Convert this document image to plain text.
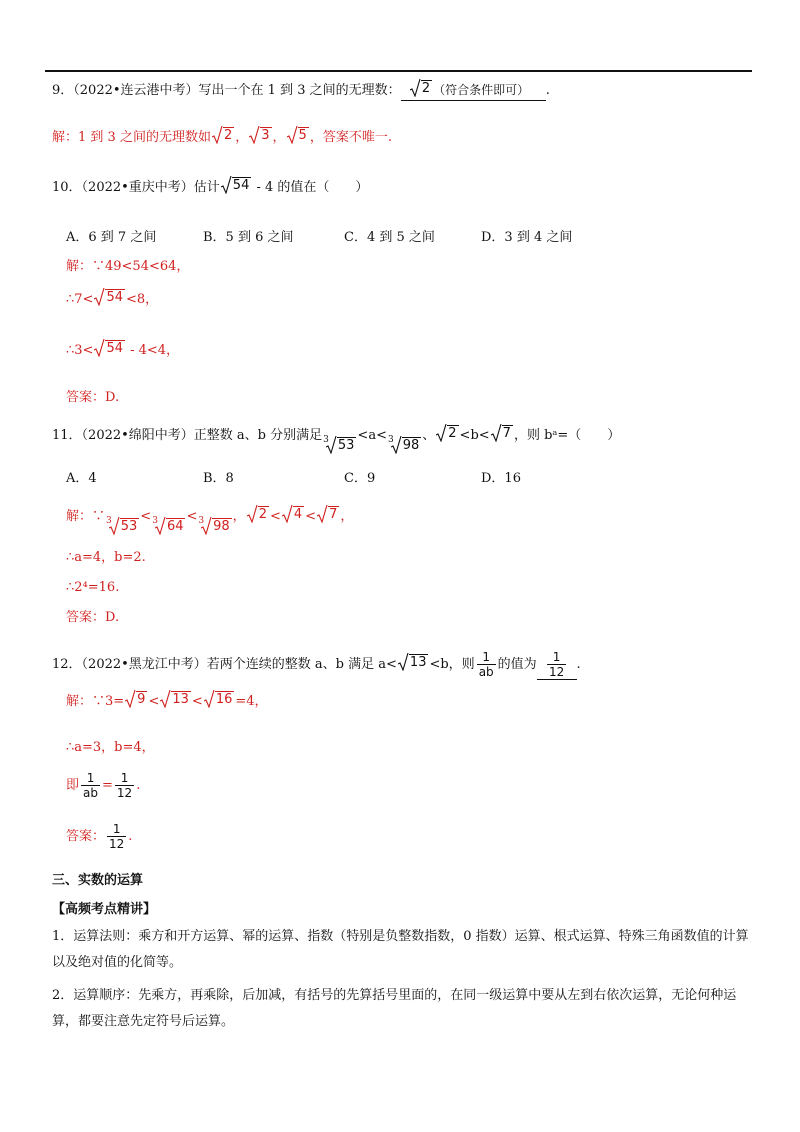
9．（2022•连云港中考）写出一个在 1 到 3 之间的无理数： 2 （符合条件即可） .
解：1 到 3 之间的无理数如 2 ， 3 ， 5 ，答案不唯一.
10．（2022•重庆中考）估计 54 - 4 的值在（　　）
A．6 到 7 之间	B．5 到 6 之间	C．4 到 5 之间	D．3 到 4 之间
解：∵49<54<64，
∴7< 54 <8，
∴3< 54 - 4<4，
答案：D.
11．（2022•绵阳中考）正整数 a、b 分别满足 3 53
<a< 3 98
、 2 <b< 7 ，则 bᵃ=（　　）
A．4	B．8	C．9	D．16
解：∵ 3 53
< 3 64
< 3 98
， 2 < 4 < 7 ，
∴a=4，b=2.
∴2⁴=16.
答案：D.
12．（2022•黑龙江中考）若两个连续的整数 a、b 满足 a< 13 <b，则 $\frac{1}{ab}$ 的值为 $\frac{1}{12}$ .
解：∵3= 9 < 13 < 16 =4，
∴a=3，b=4，
即 $\frac{1}{ab} = \frac{1}{12}$ .
答案： $\frac{1}{12}$ .
三、实数的运算
【高频考点精讲】
1．运算法则：乘方和开方运算、幂的运算、指数（特别是负整数指数，0 指数）运算、根式运算、特殊三角函数值的计算以及绝对值的化简等。
2．运算顺序：先乘方，再乘除，后加减，有括号的先算括号里面的，在同一级运算中要从左到右依次运算，无论何种运算，都要注意先定符号后运算。
